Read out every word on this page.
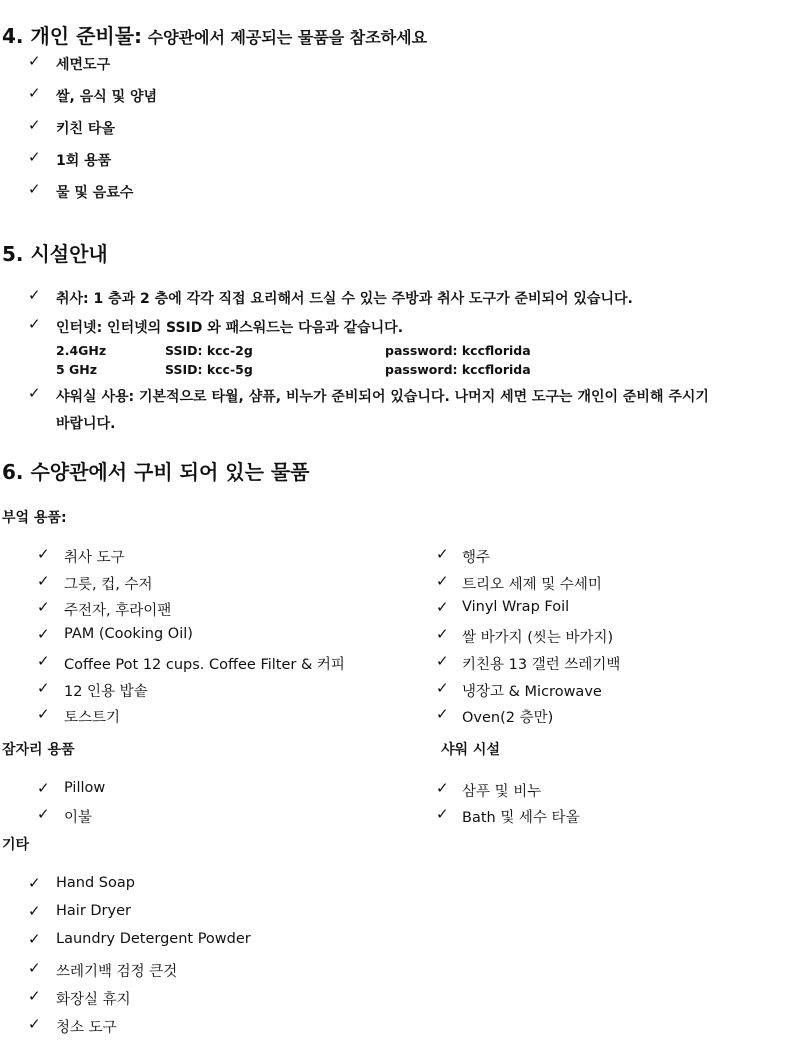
4. 개인 준비물: 수양관에서 제공되는 물품을 참조하세요
✓ 세면도구
✓ 쌀, 음식 및 양념
✓ 키친 타올
✓ 1회 용품
✓ 물 및 음료수
5. 시설안내
✓ 취사: 1 층과 2 층에 각각 직접 요리해서 드실 수 있는 주방과 취사 도구가 준비되어 있습니다.
✓ 인터넷: 인터넷의 SSID 와 패스워드는 다음과 같습니다.
2.4GHz	SSID: kcc-2g	password: kccflorida
5 GHz	SSID: kcc-5g	password: kccflorida
✓ 샤워실 사용: 기본적으로 타월, 샴퓨, 비누가 준비되어 있습니다. 나머지 세면 도구는 개인이 준비해 주시기
바랍니다.
6. 수양관에서 구비 되어 있는 물품
부엌 용품:
✓ 취사 도구
✓ 그릇, 컵, 수저
✓ 주전자, 후라이팬
✓ PAM (Cooking Oil)
✓ Coffee Pot 12 cups. Coffee Filter & 커피
✓ 12 인용 밥솥
✓ 토스트기
✓ 행주
✓ 트리오 세제 및 수세미
✓ Vinyl Wrap Foil
✓ 쌀 바가지 (씻는 바가지)
✓ 키친용 13 갤런 쓰레기백
✓ 냉장고 & Microwave
✓ Oven(2 층만)
잠자리 용품	샤워 시설
✓ Pillow
✓ 이불
✓ 삼푸 및 비누
✓ Bath 및 세수 타올
기타
✓ Hand Soap
✓ Hair Dryer
✓ Laundry Detergent Powder
✓ 쓰레기백 검정 큰것
✓ 화장실 휴지
✓ 청소 도구
